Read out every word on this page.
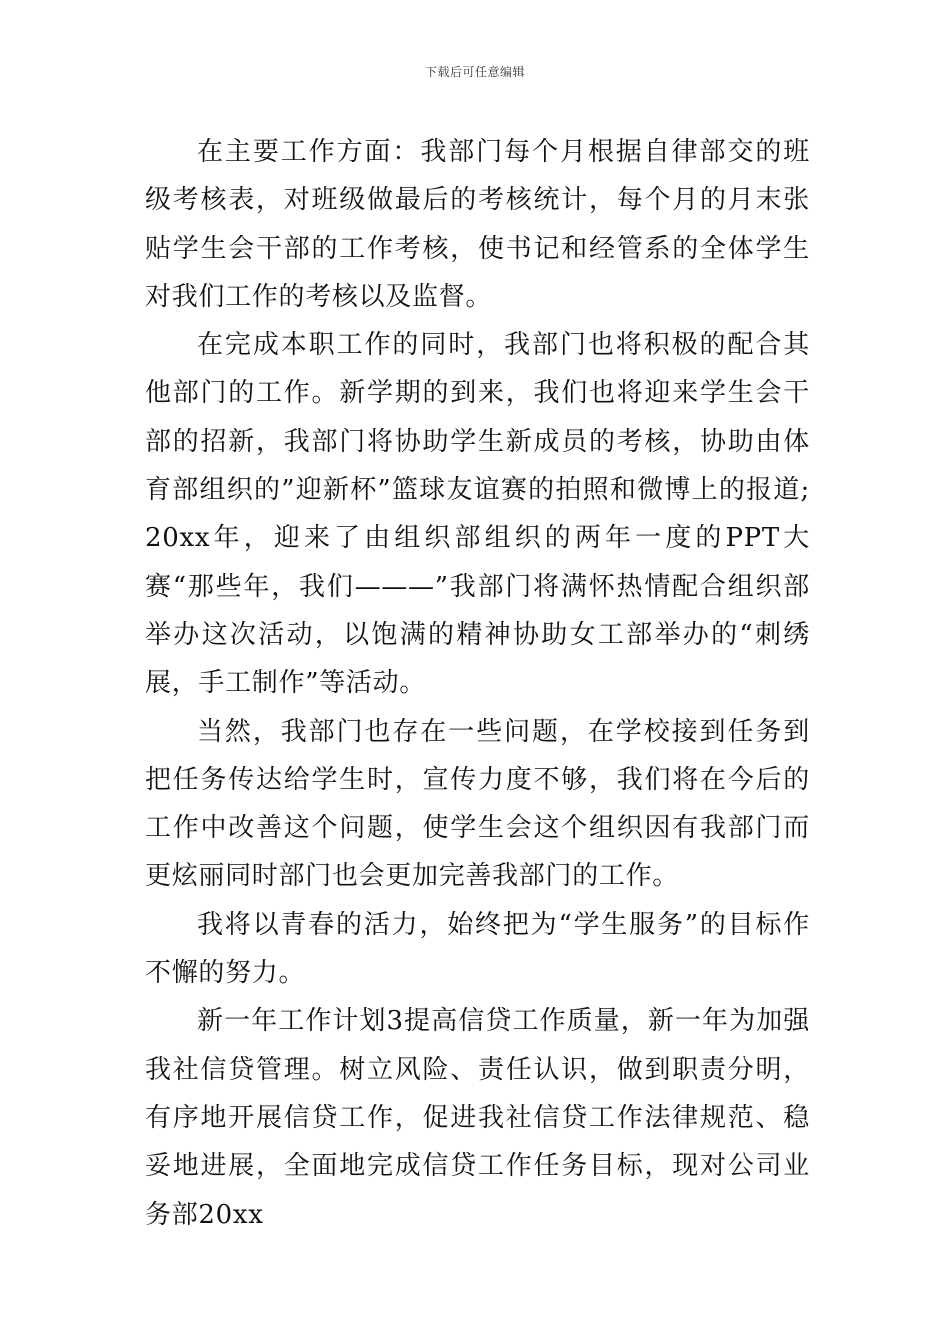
下载后可任意编辑

在主要工作方面：我部门每个月根据自律部交的班级考核表，对班级做最后的考核统计，每个月的月末张贴学生会干部的工作考核，使书记和经管系的全体学生对我们工作的考核以及监督。

在完成本职工作的同时，我部门也将积极的配合其他部门的工作。新学期的到来，我们也将迎来学生会干部的招新，我部门将协助学生新成员的考核，协助由体育部组织的”迎新杯”篮球友谊赛的拍照和微博上的报道;20xx年，迎来了由组织部组织的两年一度的PPT大赛“那些年，我们———”我部门将满怀热情配合组织部举办这次活动，以饱满的精神协助女工部举办的“刺绣展，手工制作”等活动。

当然，我部门也存在一些问题，在学校接到任务到把任务传达给学生时，宣传力度不够，我们将在今后的工作中改善这个问题，使学生会这个组织因有我部门而更炫丽同时部门也会更加完善我部门的工作。

我将以青春的活力，始终把为“学生服务”的目标作不懈的努力。

新一年工作计划3提高信贷工作质量，新一年为加强我社信贷管理。树立风险、责任认识，做到职责分明，有序地开展信贷工作，促进我社信贷工作法律规范、稳妥地进展，全面地完成信贷工作任务目标，现对公司业务部20xx
